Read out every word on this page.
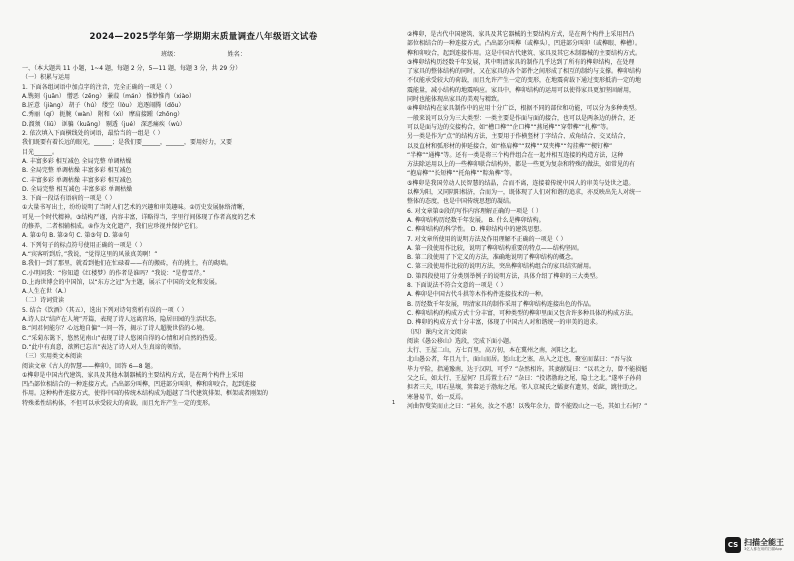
2024—2025学年第一学期期末质量调查八年级语文试卷
班级：	姓名：
一、（本大题共 11 小题，1~4 题，每题 2 分，5—11 题，每题 3 分，共 29 分）
（一）积累与运用
1. 下面各组词语中加点字的注音，完全正确的一项是（ ）
A.镌刻（juān） 憎恶（zēng） 蒹葭（mán） 惟妙惟肖（xiào）
B.匠意（jiàng） 胡子（hú） 缕空（lòu） 追逐闹腾（dōu）
C.秀丽（qí） 扼腕（wàn） 附和（xì） 摩肩接踵（zhǒng）
D.溜须（liū） 诓骗（kuāng） 剔透（jué） 深恶痛疾（wù）
2. 依次填入下面横线处的词语，最恰当的一组是（ ）
我们既要有着长远的眼光，______；是我们要______，______，要用好力，又要
目光______。
A. 丰富多彩 相互减色 全局完整 单调枯燥
B. 全局完整 单调枯燥 丰富多彩 相互减色
C. 丰富多彩 单调枯燥 丰富多彩 相互减色
D. 全局完整 相互减色 丰富多彩 单调枯燥
3. 下面一段话有语病的一项是（ ）
①大量书写出土，纷纷说明了当时人们艺术的兴趣和审美趣味。②历史发展脉络清晰，
可见一个时代精神。③结构严谨，内容丰富，详略得当，字里行间体现了作者高度的艺术
的修养，二者相辅相成。④作为文化遗产，我们应珍视并保护它们。
A. 第①句 B. 第②句 C. 第③句 D. 第④句
4. 下列句子的标点符号使用正确的一项是（ ）
A.“宾客听到后，”我说，“觉得这里的风景真美啊！”
B.我们一到了那里，就看到他们在忙碌着——有的搬砖，有的挑土，有的砌墙。
C.小明问我：“你知道《红楼梦》的作者是谁吗？”我说：“是曹雪芹。”
D.上海世博会的中国馆，以“东方之冠”为主题，展示了中国的文化和发展。
A.人生在世（A.）
（二）诗词赏读
5. 结合《饮酒》（其五），选出下列对诗句赏析有误的一项（ ）
A.诗人以“结庐在人境”开篇，表现了诗人远离官场、隐居田园的生活状态。
B.“问君何能尔？心远地自偏”一问一答，揭示了诗人超脱世俗的心境。
C.“采菊东篱下，悠然见南山”表现了诗人悠闲自得的心情和对自然的热爱。
D.“此中有真意，欲辨已忘言”表达了诗人对人生真谛的领悟。
（三）实用类文本阅读
阅读文章《古人的智慧——榫卯》，回答 6—8 题。
①榫卯是中国古代建筑、家具及其他木制器械的主要结构方式，是在两个构件上采用
凹凸部位相结合的一种连接方式。凸出部分叫榫，凹进部分叫卯，榫和卯咬合，起到连接
作用。这种构件连接方式，使得中国的传统木结构成为超越了当代建筑排架、框架或者刚架的
特殊柔性结构体，不但可以承受较大的荷载，而且允许产生一定的变形。
②榫卯，是古代中国建筑、家具及其它器械的主要结构方式，是在两个构件上采用凹凸
部位相结合的一种连接方式。凸出部分叫榫（或榫头），凹进部分叫卯（或榫眼、榫槽）。
榫和卯咬合，起到连接作用。这是中国古代建筑、家具及其它木制器械的主要结构方式。
③榫卯结构历经数千年发展，其中明清家具的制作几乎达到了所有的榫卯结构，在处理
了家具的整体结构的同时，又在家具的各个部件之间形成了相互的制约与支撑。榫卯结构
不仅能承受较大的荷载，而且允许产生一定的变形，在地震荷载下通过变形抵消一定的地
震能量，减小结构的地震响应。家具中，榫卯结构的运用可以使得家具更加坚固耐用，
同时也能体现出家具的美观与精致。
④榫卯结构在家具制作中的应用十分广泛，根据不同的部位和功能，可以分为多种类型。
一般来说可以分为三大类型：一类主要是作面与面的接合，也可以是两条边的拼合，还
可以是面与边的交接构合，如“槽口榫”“企口榫”“燕尾榫”“穿带榫”“扎榫”等。
另一类是作为“点”的结构方法，主要用于作横竖材丁字结合、成角结合、交叉结合，
以及直材和弧形材的伸延接合，如“格肩榫”“双榫”“双夹榫”“勾挂榫”“楔钉榫”
“半榫”“通榫”等。还有一类是将三个构件组合在一起并相互连接的构造方法，这种
方法除运用以上的一些榫卯联合结构外，都是一些更为复杂和特殊的做法，如常见的有
“抱肩榫”“长短榫”“托角榫”“粽角榫”等。
⑤榫卯是我国劳动人民智慧的结晶，合而不离，连接着传统中国人的审美与处世之道。
以榫为阳，又同阴阳相济，合而为一，既体现了人们对和谐的追求，亦反映出先人对统一
整体的态度，也是中国传统思想的凝结。
6. 对文章第②段的写作内容理解正确的一项是（ ）
A. 榫卯结构历经数千年发展。 B. 什么是榫卯结构。
C. 榫卯结构的科学性。 D. 榫卯结构中的建筑思想。
7. 对文章所使用的说明方法及作用理解不正确的一项是（ ）
A. 第一段使用作比较，说明了榫卯结构重要的特点——结构坚固。
B. 第二段使用了下定义的方法，准确地说明了榫卯结构的概念。
C. 第三段使用作比较的说明方法，突出榫卯结构组合的家具结实耐用。
D. 第四段使用了分类别举例子的说明方法，具体介绍了榫卯的三大类型。
8. 下面说法不符合文意的一项是（ ）
A. 榫卯是中国古代斗拱等木作构件连接技术的一种。
B. 历经数千年发展，明清家具的制作采用了榫卯结构连接出色的作品。
C. 榫卯结构的构成方式十分丰富，可种类型的榫卯里面又包含许多种具体的构成方法。
D. 榫卯的构成方式十分丰富，体现了中国古人对和谐统一的审美的追求。
（四）课内文言文阅读
阅读《愚公移山》选段，完成下面小题。
太行、王屋二山，方七百里，高万仞，本在冀州之南，河阳之北。
北山愚公者，年且九十，面山而居。惩山北之塞，出入之迂也，聚室而谋曰：“吾与汝
毕力平险，指通豫南，达于汉阴，可乎？”杂然相许。其妻献疑曰：“以君之力，曾不能损魁
父之丘，如太行、王屋何？且焉置土石？”杂曰：“投诸渤海之尾，隐土之北。”遂率子孙荷
担者三夫，叩石垦壤，箕畚运于渤海之尾。邻人京城氏之孀妻有遗男，始龀，跳往助之。
寒暑易节，始一反焉。
河曲智叟笑而止之曰：“甚矣，汝之不惠！以残年余力，曾不能毁山之一毛，其如土石何？”
1
CS 扫描全能王
3亿人都在用的扫描App
